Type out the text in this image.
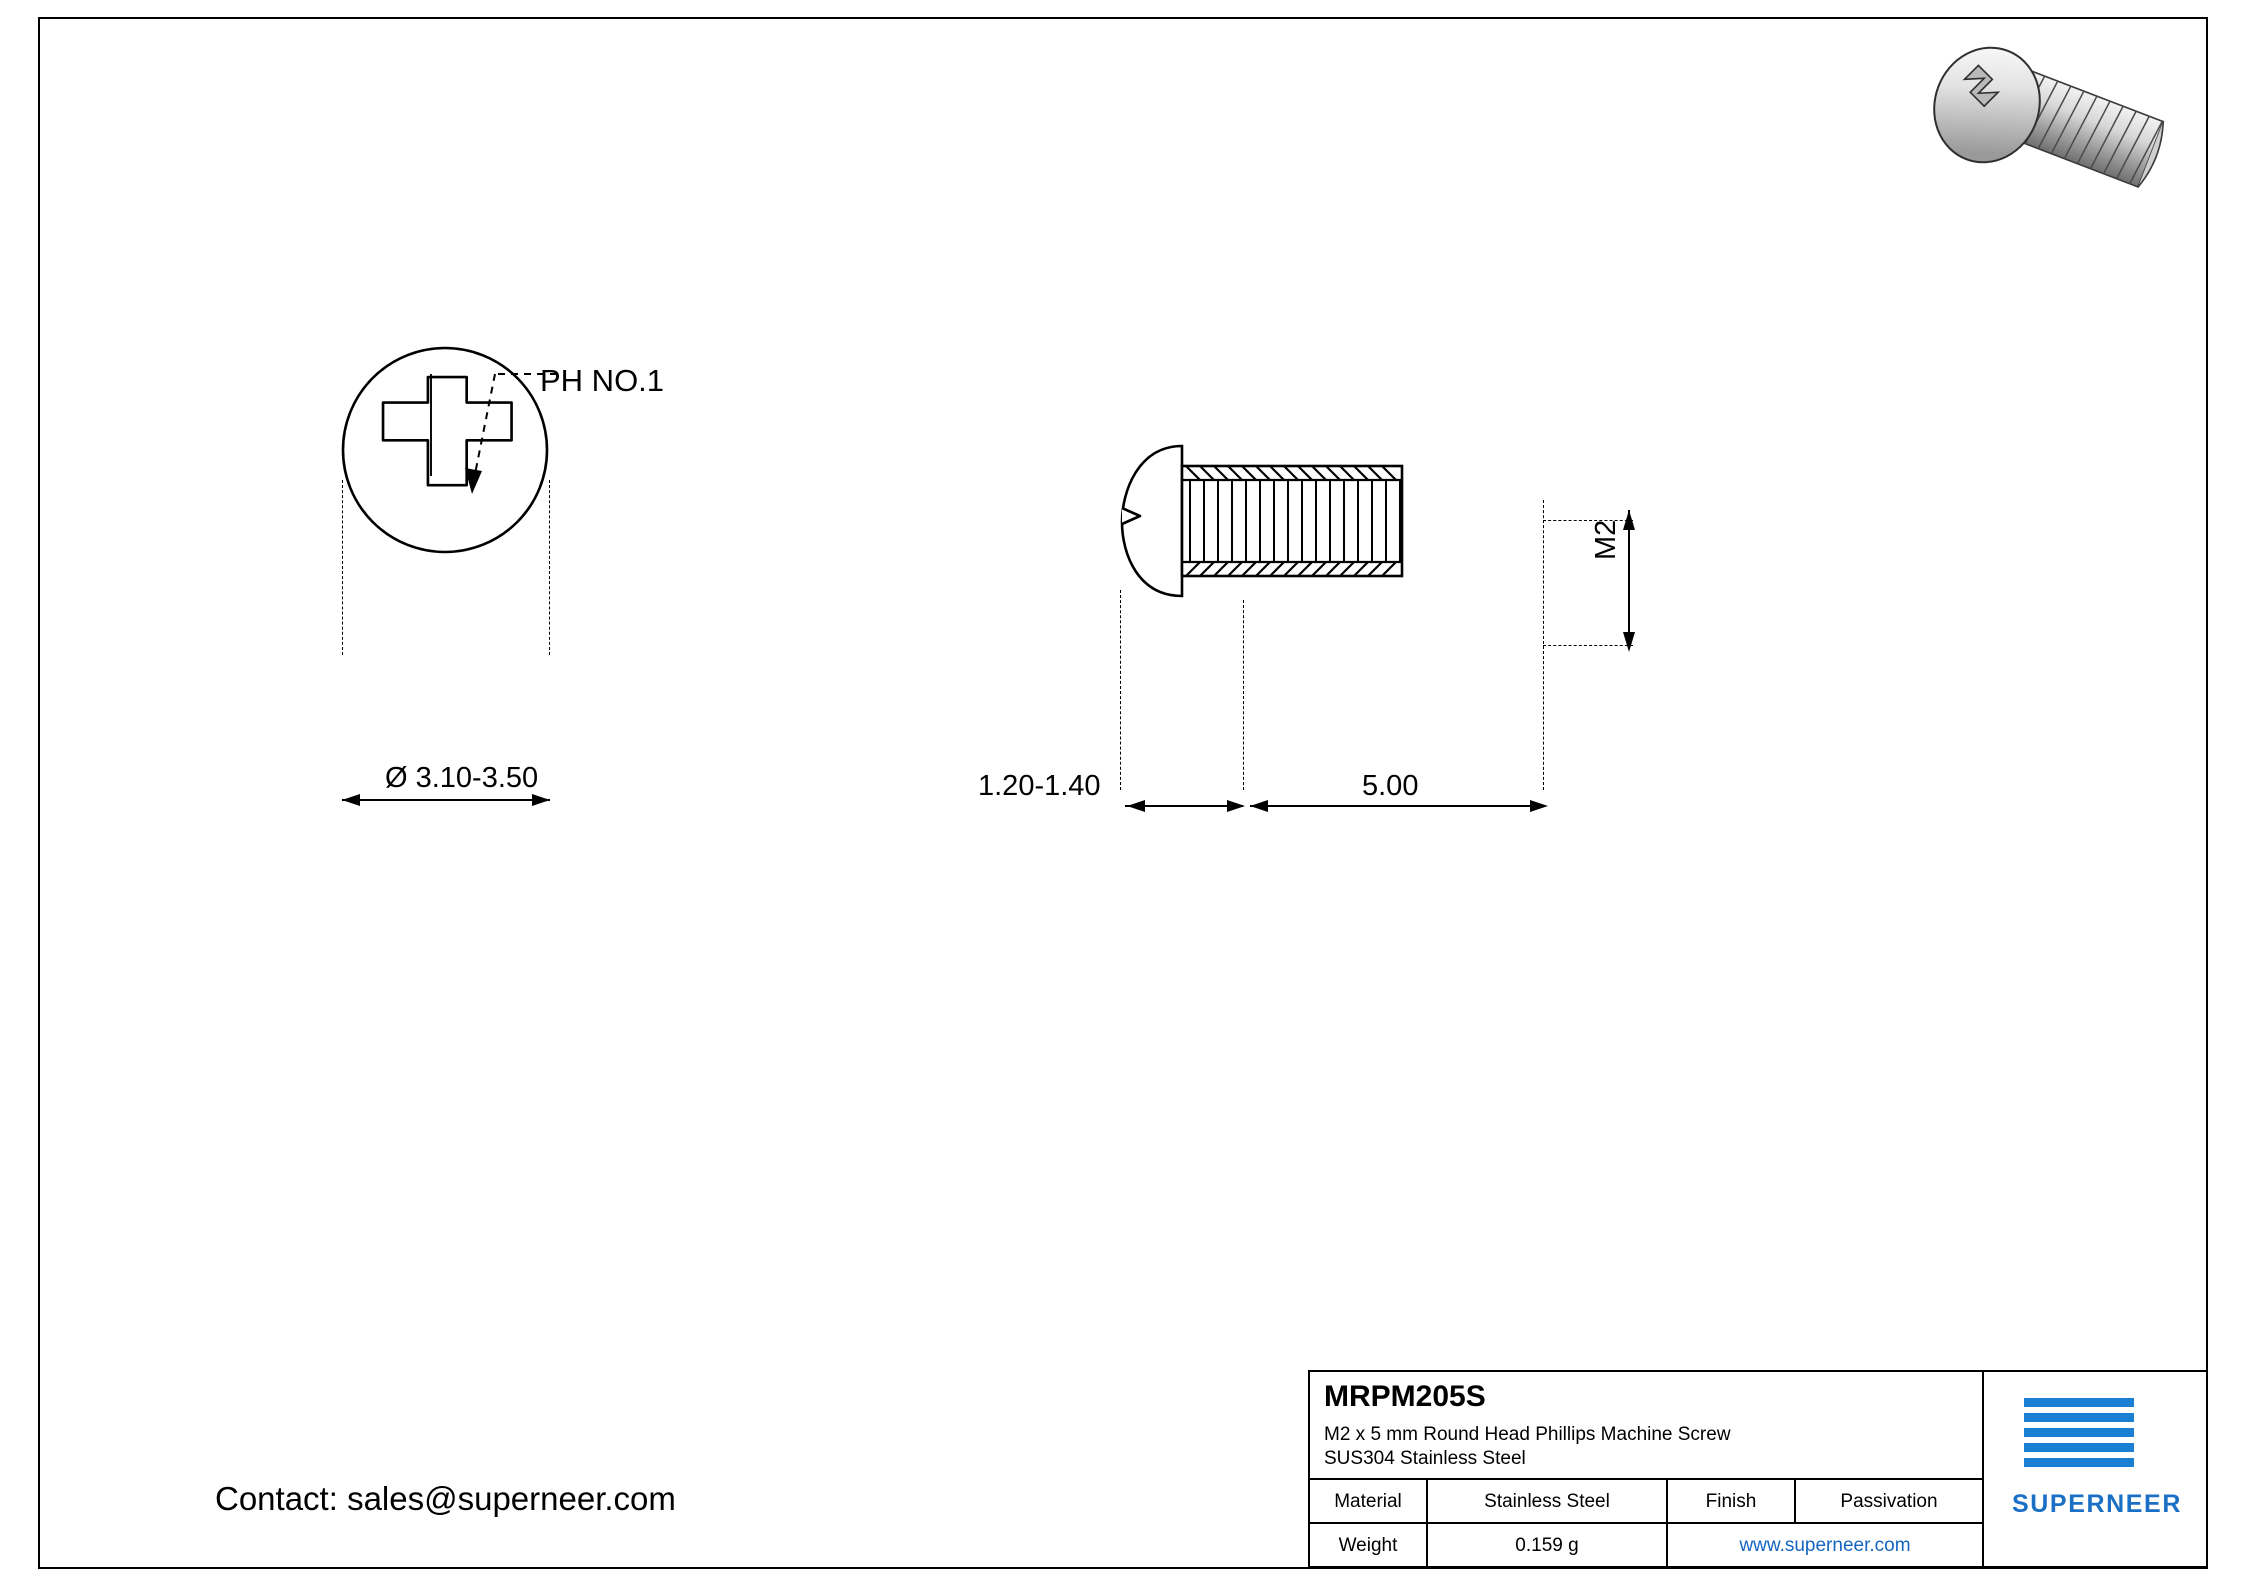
Ø 3.10-3.50
PH NO.1
1.20-1.40	5.00
M2
Contact: sales@superneer.com
MRPM205S
M2 x 5 mm Round Head Phillips Machine Screw
SUS304 Stainless Steel
Material	Stainless Steel	Finish	Passivation
Weight	0.159 g	www.superneer.com
SUPERNEER
